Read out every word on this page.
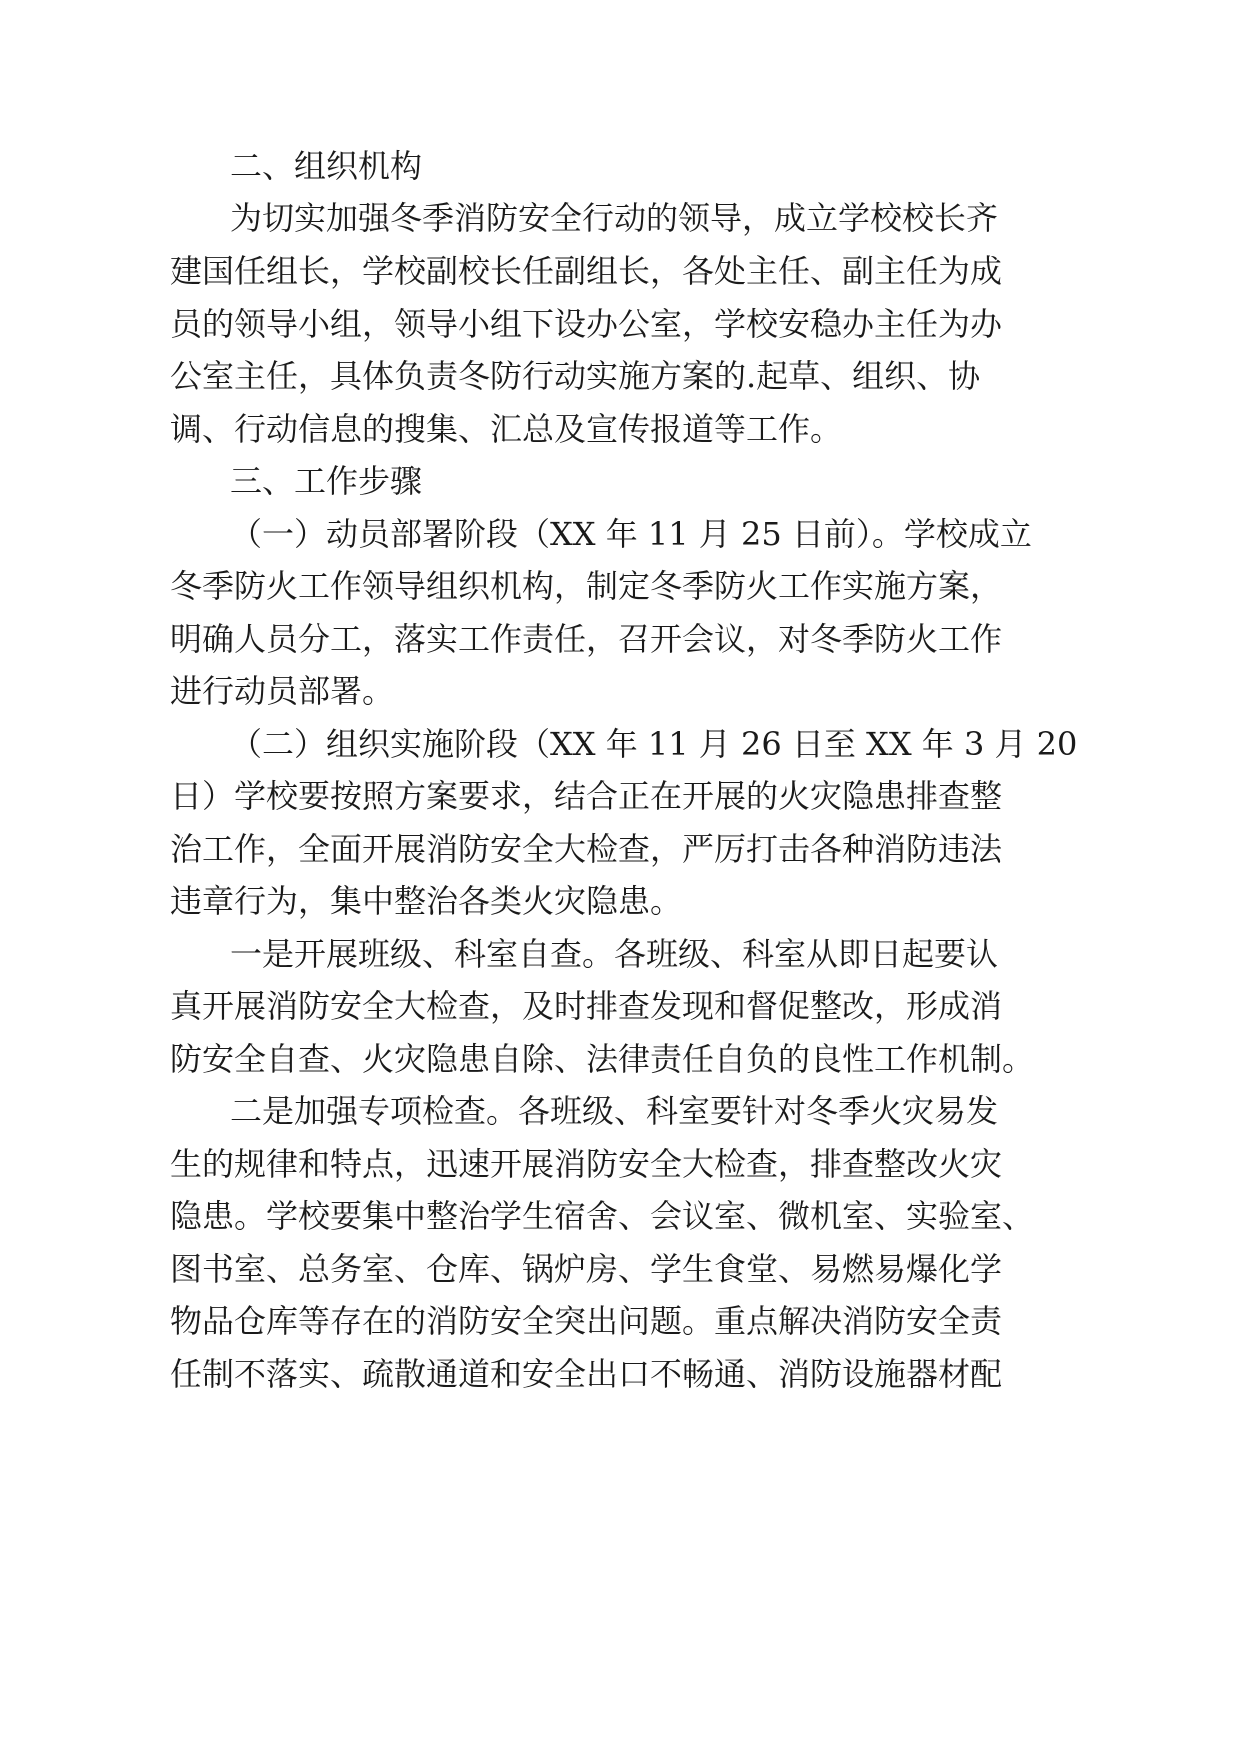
二、组织机构
为切实加强冬季消防安全行动的领导，成立学校校长齐
建国任组长，学校副校长任副组长，各处主任、副主任为成
员的领导小组，领导小组下设办公室，学校安稳办主任为办
公室主任，具体负责冬防行动实施方案的.起草、组织、协
调、行动信息的搜集、汇总及宣传报道等工作。
三、工作步骤
（一）动员部署阶段（XX 年 11 月 25 日前）。学校成立
冬季防火工作领导组织机构，制定冬季防火工作实施方案，
明确人员分工，落实工作责任，召开会议，对冬季防火工作
进行动员部署。
（二）组织实施阶段（XX 年 11 月 26 日至 XX 年 3 月 20
日）学校要按照方案要求，结合正在开展的火灾隐患排查整
治工作，全面开展消防安全大检查，严厉打击各种消防违法
违章行为，集中整治各类火灾隐患。
一是开展班级、科室自查。各班级、科室从即日起要认
真开展消防安全大检查，及时排查发现和督促整改，形成消
防安全自查、火灾隐患自除、法律责任自负的良性工作机制。
二是加强专项检查。各班级、科室要针对冬季火灾易发
生的规律和特点，迅速开展消防安全大检查，排查整改火灾
隐患。学校要集中整治学生宿舍、会议室、微机室、实验室、
图书室、总务室、仓库、锅炉房、学生食堂、易燃易爆化学
物品仓库等存在的消防安全突出问题。重点解决消防安全责
任制不落实、疏散通道和安全出口不畅通、消防设施器材配
